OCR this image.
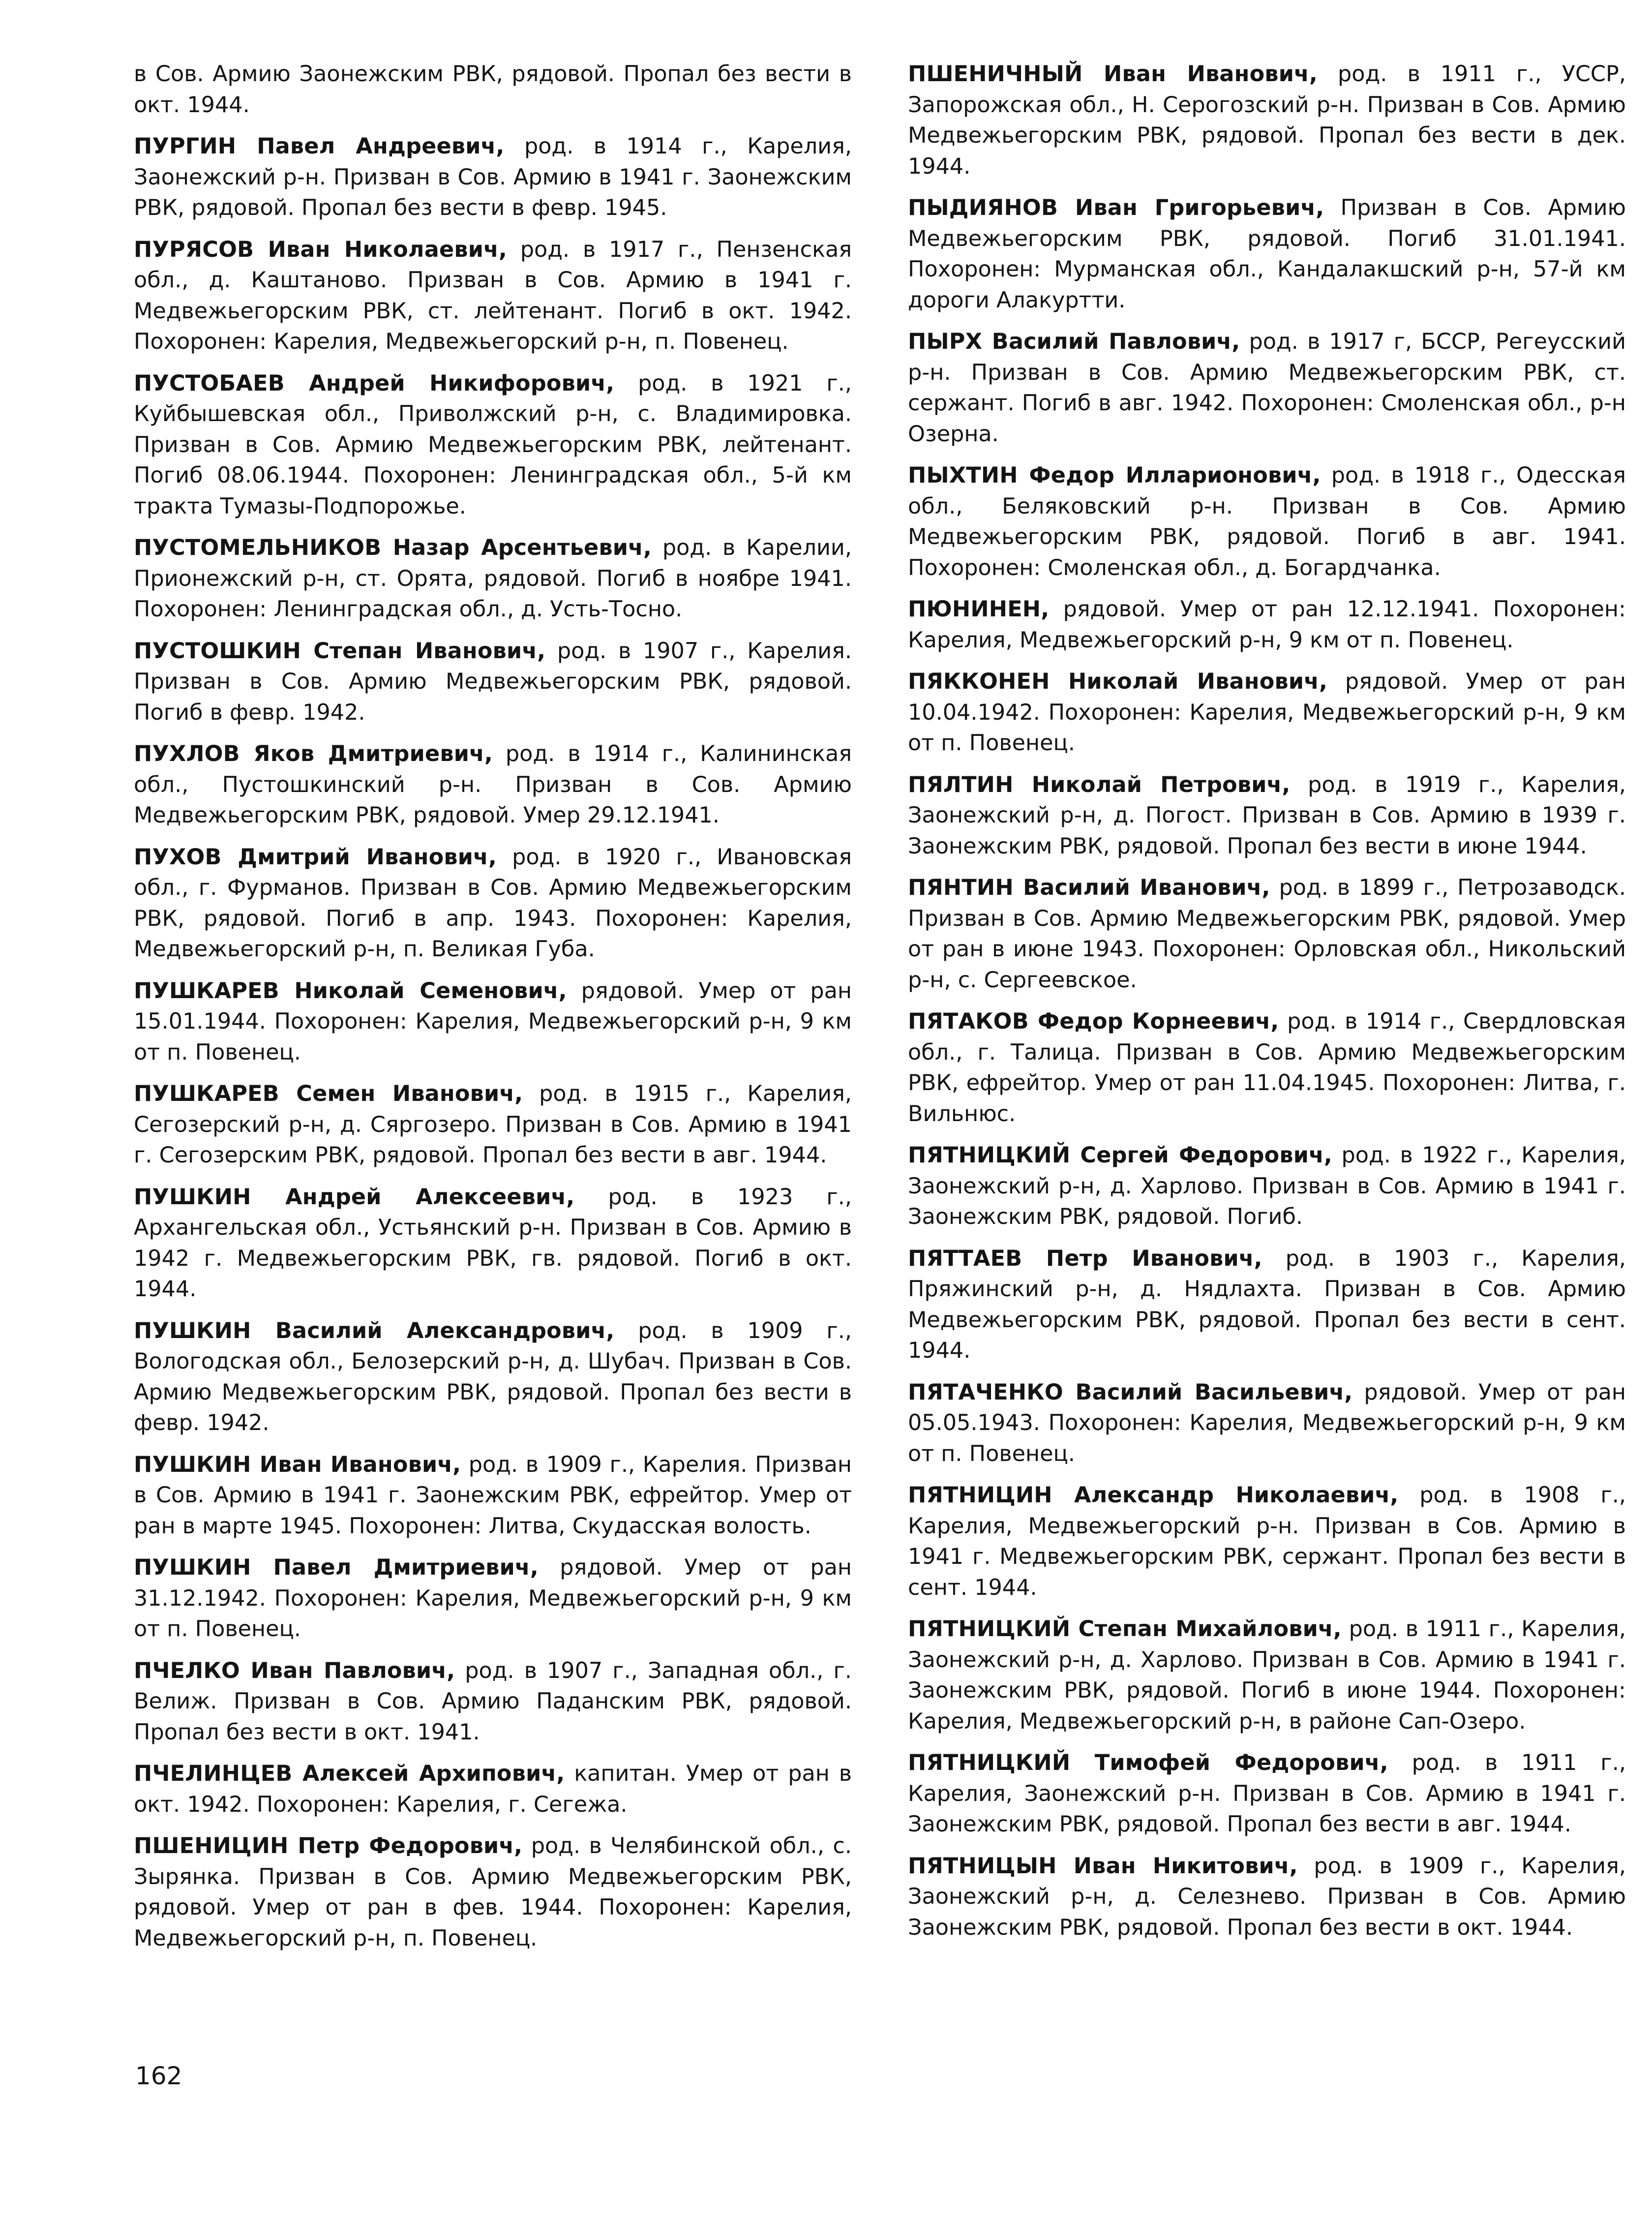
в Сов. Армию Заонежским РВК, рядовой. Пропал без вести в окт. 1944.

ПУРГИН Павел Андреевич, род. в 1914 г., Карелия, Заонежский р-н. Призван в Сов. Армию в 1941 г. Заонежским РВК, рядовой. Пропал без вести в февр. 1945.

ПУРЯСОВ Иван Николаевич, род. в 1917 г., Пензенская обл., д. Каштаново. Призван в Сов. Армию в 1941 г. Медвежьегорским РВК, ст. лейтенант. Погиб в окт. 1942. Похоронен: Карелия, Медвежьегорский р-н, п. Повенец.

ПУСТОБАЕВ Андрей Никифорович, род. в 1921 г., Куйбышевская обл., Приволжский р-н, с. Владимировка. Призван в Сов. Армию Медвежьегорским РВК, лейтенант. Погиб 08.06.1944. Похоронен: Ленинградская обл., 5-й км тракта Тумазы-Подпорожье.

ПУСТОМЕЛЬНИКОВ Назар Арсентьевич, род. в Карелии, Прионежский р-н, ст. Орята, рядовой. Погиб в ноябре 1941. Похоронен: Ленинградская обл., д. Усть-Тосно.

ПУСТОШКИН Степан Иванович, род. в 1907 г., Карелия. Призван в Сов. Армию Медвежьегорским РВК, рядовой. Погиб в февр. 1942.

ПУХЛОВ Яков Дмитриевич, род. в 1914 г., Калининская обл., Пустошкинский р-н. Призван в Сов. Армию Медвежьегорским РВК, рядовой. Умер 29.12.1941.

ПУХОВ Дмитрий Иванович, род. в 1920 г., Ивановская обл., г. Фурманов. Призван в Сов. Армию Медвежьегорским РВК, рядовой. Погиб в апр. 1943. Похоронен: Карелия, Медвежьегорский р-н, п. Великая Губа.

ПУШКАРЕВ Николай Семенович, рядовой. Умер от ран 15.01.1944. Похоронен: Карелия, Медвежьегорский р-н, 9 км от п. Повенец.

ПУШКАРЕВ Семен Иванович, род. в 1915 г., Карелия, Сегозерский р-н, д. Сяргозеро. Призван в Сов. Армию в 1941 г. Сегозерским РВК, рядовой. Пропал без вести в авг. 1944.

ПУШКИН Андрей Алексеевич, род. в 1923 г., Архангельская обл., Устьянский р-н. Призван в Сов. Армию в 1942 г. Медвежьегорским РВК, гв. рядовой. Погиб в окт. 1944.

ПУШКИН Василий Александрович, род. в 1909 г., Вологодская обл., Белозерский р-н, д. Шубач. Призван в Сов. Армию Медвежьегорским РВК, рядовой. Пропал без вести в февр. 1942.

ПУШКИН Иван Иванович, род. в 1909 г., Карелия. Призван в Сов. Армию в 1941 г. Заонежским РВК, ефрейтор. Умер от ран в марте 1945. Похоронен: Литва, Скудасская волость.

ПУШКИН Павел Дмитриевич, рядовой. Умер от ран 31.12.1942. Похоронен: Карелия, Медвежьегорский р-н, 9 км от п. Повенец.

ПЧЕЛКО Иван Павлович, род. в 1907 г., Западная обл., г. Велиж. Призван в Сов. Армию Паданским РВК, рядовой. Пропал без вести в окт. 1941.

ПЧЕЛИНЦЕВ Алексей Архипович, капитан. Умер от ран в окт. 1942. Похоронен: Карелия, г. Сегежа.

ПШЕНИЦИН Петр Федорович, род. в Челябинской обл., с. Зырянка. Призван в Сов. Армию Медвежьегорским РВК, рядовой. Умер от ран в фев. 1944. Похоронен: Карелия, Медвежьегорский р-н, п. Повенец.

ПШЕНИЧНЫЙ Иван Иванович, род. в 1911 г., УССР, Запорожская обл., Н. Серогозский р-н. Призван в Сов. Армию Медвежьегорским РВК, рядовой. Пропал без вести в дек. 1944.

ПЫДИЯНОВ Иван Григорьевич, Призван в Сов. Армию Медвежьегорским РВК, рядовой. Погиб 31.01.1941. Похоронен: Мурманская обл., Кандалакшский р-н, 57-й км дороги Алакуртти.

ПЫРХ Василий Павлович, род. в 1917 г, БССР, Регеусский р-н. Призван в Сов. Армию Медвежьегорским РВК, ст. сержант. Погиб в авг. 1942. Похоронен: Смоленская обл., р-н Озерна.

ПЫХТИН Федор Илларионович, род. в 1918 г., Одесская обл., Беляковский р-н. Призван в Сов. Армию Медвежьегорским РВК, рядовой. Погиб в авг. 1941. Похоронен: Смоленская обл., д. Богардчанка.

ПЮНИНЕН, рядовой. Умер от ран 12.12.1941. Похоронен: Карелия, Медвежьегорский р-н, 9 км от п. Повенец.

ПЯККОНЕН Николай Иванович, рядовой. Умер от ран 10.04.1942. Похоронен: Карелия, Медвежьегорский р-н, 9 км от п. Повенец.

ПЯЛТИН Николай Петрович, род. в 1919 г., Карелия, Заонежский р-н, д. Погост. Призван в Сов. Армию в 1939 г. Заонежским РВК, рядовой. Пропал без вести в июне 1944.

ПЯНТИН Василий Иванович, род. в 1899 г., Петрозаводск. Призван в Сов. Армию Медвежьегорским РВК, рядовой. Умер от ран в июне 1943. Похоронен: Орловская обл., Никольский р-н, с. Сергеевское.

ПЯТАКОВ Федор Корнеевич, род. в 1914 г., Свердловская обл., г. Талица. Призван в Сов. Армию Медвежьегорским РВК, ефрейтор. Умер от ран 11.04.1945. Похоронен: Литва, г. Вильнюс.

ПЯТНИЦКИЙ Сергей Федорович, род. в 1922 г., Карелия, Заонежский р-н, д. Харлово. Призван в Сов. Армию в 1941 г. Заонежским РВК, рядовой. Погиб.

ПЯТТАЕВ Петр Иванович, род. в 1903 г., Карелия, Пряжинский р-н, д. Нядлахта. Призван в Сов. Армию Медвежьегорским РВК, рядовой. Пропал без вести в сент. 1944.

ПЯТАЧЕНКО Василий Васильевич, рядовой. Умер от ран 05.05.1943. Похоронен: Карелия, Медвежьегорский р-н, 9 км от п. Повенец.

ПЯТНИЦИН Александр Николаевич, род. в 1908 г., Карелия, Медвежьегорский р-н. Призван в Сов. Армию в 1941 г. Медвежьегорским РВК, сержант. Пропал без вести в сент. 1944.

ПЯТНИЦКИЙ Степан Михайлович, род. в 1911 г., Карелия, Заонежский р-н, д. Харлово. Призван в Сов. Армию в 1941 г. Заонежским РВК, рядовой. Погиб в июне 1944. Похоронен: Карелия, Медвежьегорский р-н, в районе Сап-Озеро.

ПЯТНИЦКИЙ Тимофей Федорович, род. в 1911 г., Карелия, Заонежский р-н. Призван в Сов. Армию в 1941 г. Заонежским РВК, рядовой. Пропал без вести в авг. 1944.

ПЯТНИЦЫН Иван Никитович, род. в 1909 г., Карелия, Заонежский р-н, д. Селезнево. Призван в Сов. Армию Заонежским РВК, рядовой. Пропал без вести в окт. 1944.

162
